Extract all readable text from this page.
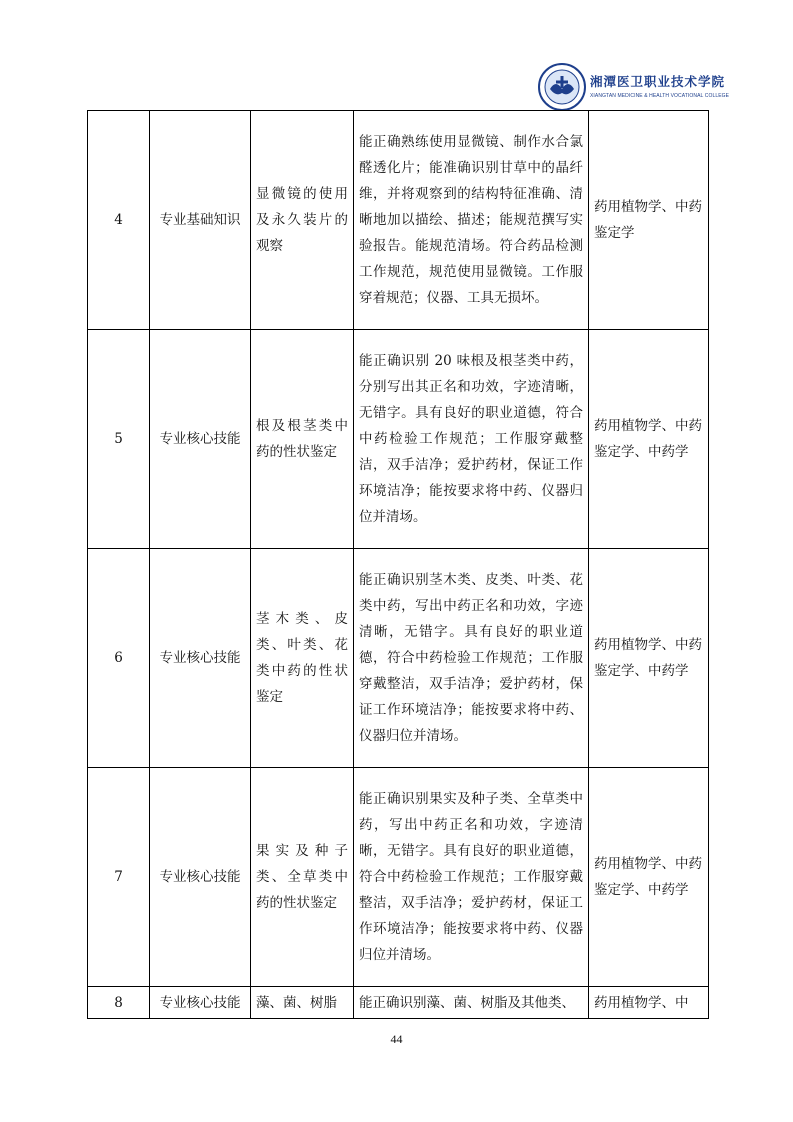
湘潭医卫职业技术学院
XIANGTAN MEDICINE & HEALTH VOCATIONAL COLLEGE
4	专业基础知识	显微镜的使用及永久装片的观察	能正确熟练使用显微镜、制作水合氯醛透化片；能准确识别甘草中的晶纤维，并将观察到的结构特征准确、清晰地加以描绘、描述；能规范撰写实验报告。能规范清场。符合药品检测工作规范，规范使用显微镜。工作服穿着规范；仪器、工具无损坏。	药用植物学、中药鉴定学
5	专业核心技能	根及根茎类中药的性状鉴定	能正确识别 20 味根及根茎类中药，分别写出其正名和功效，字迹清晰，无错字。具有良好的职业道德，符合中药检验工作规范；工作服穿戴整洁，双手洁净；爱护药材，保证工作环境洁净；能按要求将中药、仪器归位并清场。	药用植物学、中药鉴定学、中药学
6	专业核心技能	茎木类、皮类、叶类、花类中药的性状鉴定	能正确识别茎木类、皮类、叶类、花类中药，写出中药正名和功效，字迹清晰，无错字。具有良好的职业道德，符合中药检验工作规范；工作服穿戴整洁，双手洁净；爱护药材，保证工作环境洁净；能按要求将中药、仪器归位并清场。	药用植物学、中药鉴定学、中药学
7	专业核心技能	果实及种子类、全草类中药的性状鉴定	能正确识别果实及种子类、全草类中药，写出中药正名和功效，字迹清晰，无错字。具有良好的职业道德，符合中药检验工作规范；工作服穿戴整洁，双手洁净；爱护药材，保证工作环境洁净；能按要求将中药、仪器归位并清场。	药用植物学、中药鉴定学、中药学
8	专业核心技能	藻、菌、树脂	能正确识别藻、菌、树脂及其他类、	药用植物学、中
44
